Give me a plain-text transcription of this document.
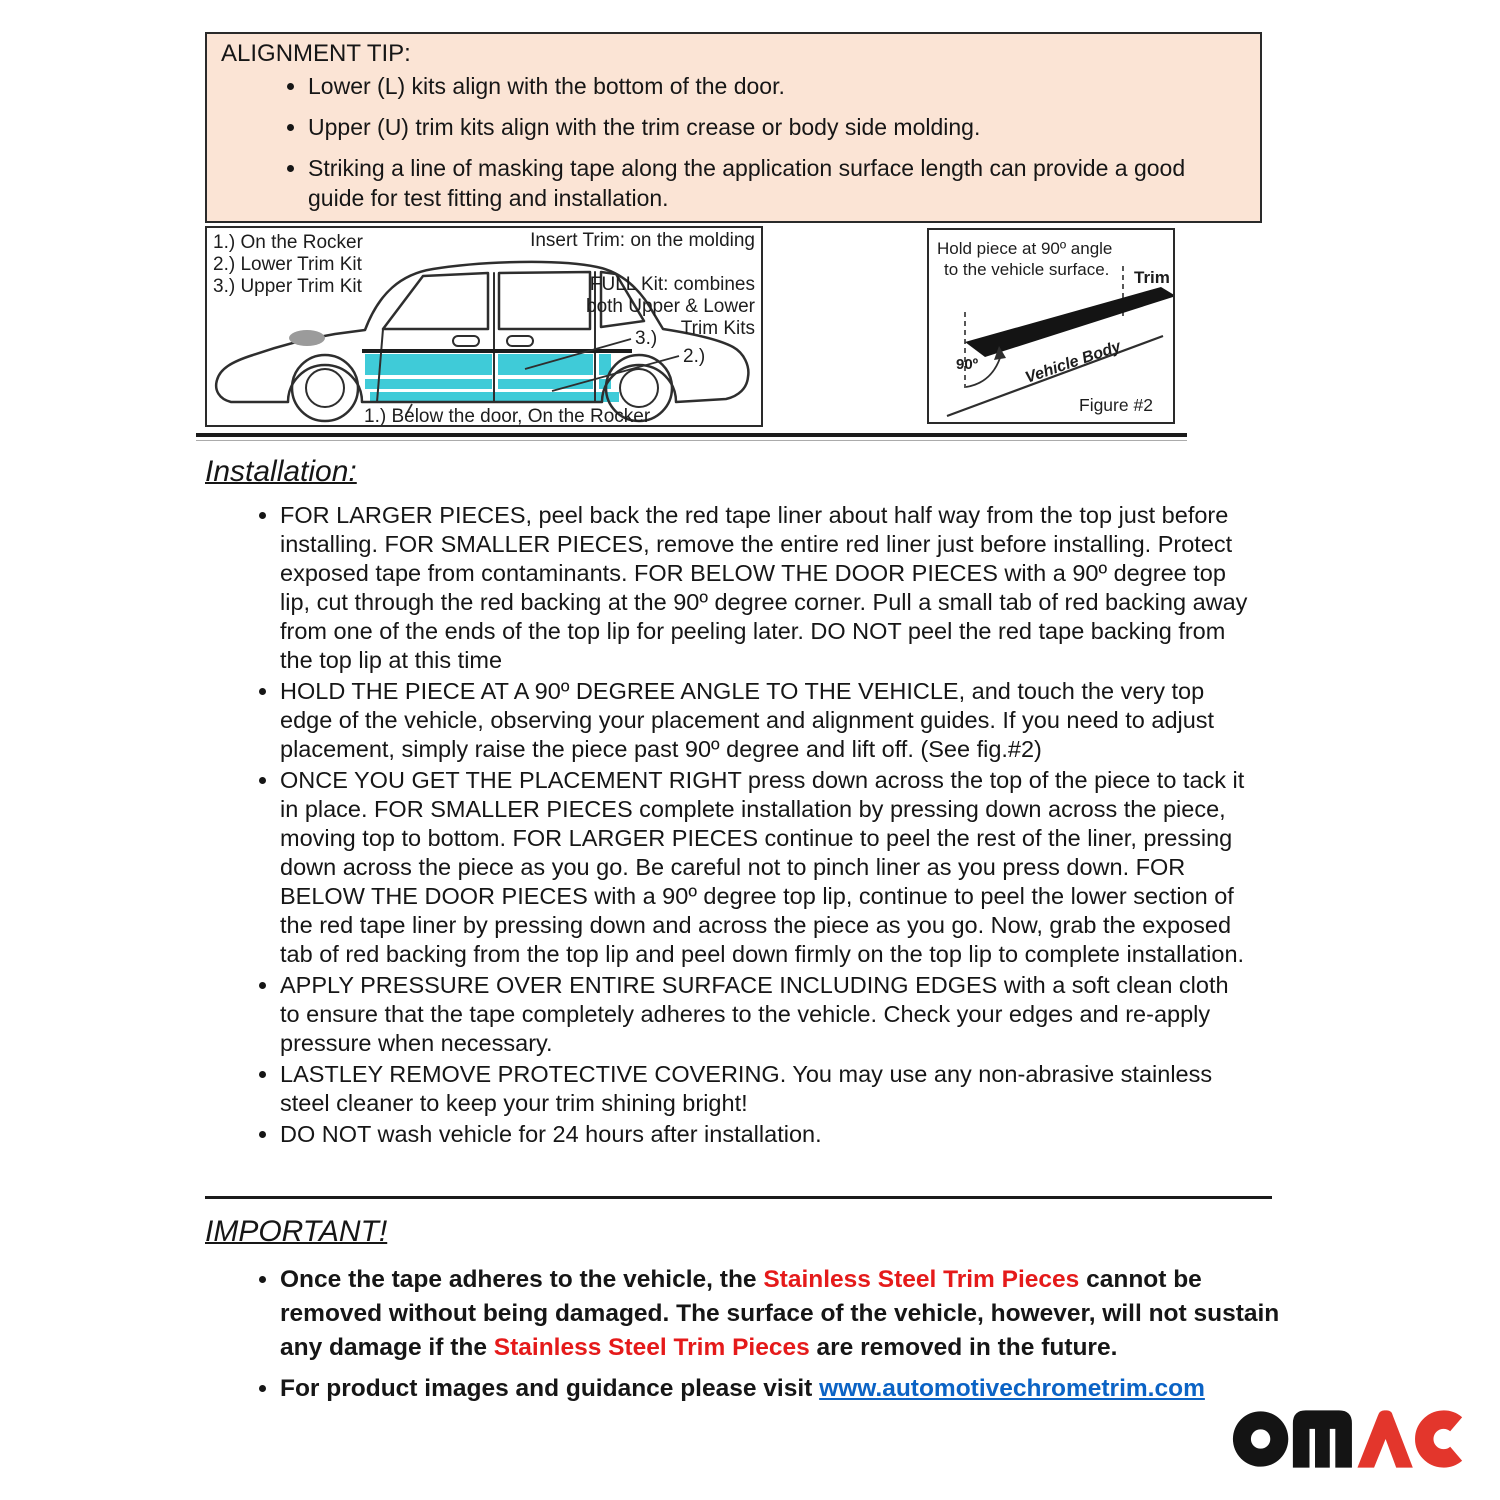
ALIGNMENT TIP:
• Lower (L) kits align with the bottom of the door.
• Upper (U) trim kits align with the trim crease or body side molding.
• Striking a line of masking tape along the application surface length can provide a good guide for test fitting and installation.
1.) On the Rocker
2.) Lower Trim Kit
3.) Upper Trim Kit
Insert Trim: on the molding
FULL Kit: combines
both Upper & Lower
Trim Kits
3.)
2.)
1.) Below the door, On the Rocker
Hold piece at 90º angle
to the vehicle surface. Trim
90º	Vehicle Body
Figure #2
Installation:
• FOR LARGER PIECES, peel back the red tape liner about half way from the top just before installing. FOR SMALLER PIECES, remove the entire red liner just before installing. Protect exposed tape from contaminants. FOR BELOW THE DOOR PIECES with a 90º degree top lip, cut through the red backing at the 90º degree corner. Pull a small tab of red backing away from one of the ends of the top lip for peeling later. DO NOT peel the red tape backing from the top lip at this time
• HOLD THE PIECE AT A 90º DEGREE ANGLE TO THE VEHICLE, and touch the very top edge of the vehicle, observing your placement and alignment guides. If you need to adjust placement, simply raise the piece past 90º degree and lift off. (See fig.#2)
• ONCE YOU GET THE PLACEMENT RIGHT press down across the top of the piece to tack it in place. FOR SMALLER PIECES complete installation by pressing down across the piece, moving top to bottom. FOR LARGER PIECES continue to peel the rest of the liner, pressing down across the piece as you go. Be careful not to pinch liner as you press down. FOR BELOW THE DOOR PIECES with a 90º degree top lip, continue to peel the lower section of the red tape liner by pressing down and across the piece as you go. Now, grab the exposed tab of red backing from the top lip and peel down firmly on the top lip to complete installation.
• APPLY PRESSURE OVER ENTIRE SURFACE INCLUDING EDGES with a soft clean cloth to ensure that the tape completely adheres to the vehicle. Check your edges and re-apply pressure when necessary.
• LASTLEY REMOVE PROTECTIVE COVERING. You may use any non-abrasive stainless steel cleaner to keep your trim shining bright!
• DO NOT wash vehicle for 24 hours after installation.
IMPORTANT!
• Once the tape adheres to the vehicle, the Stainless Steel Trim Pieces cannot be removed without being damaged. The surface of the vehicle, however, will not sustain any damage if the Stainless Steel Trim Pieces are removed in the future.
• For product images and guidance please visit www.automotivechrometrim.com
